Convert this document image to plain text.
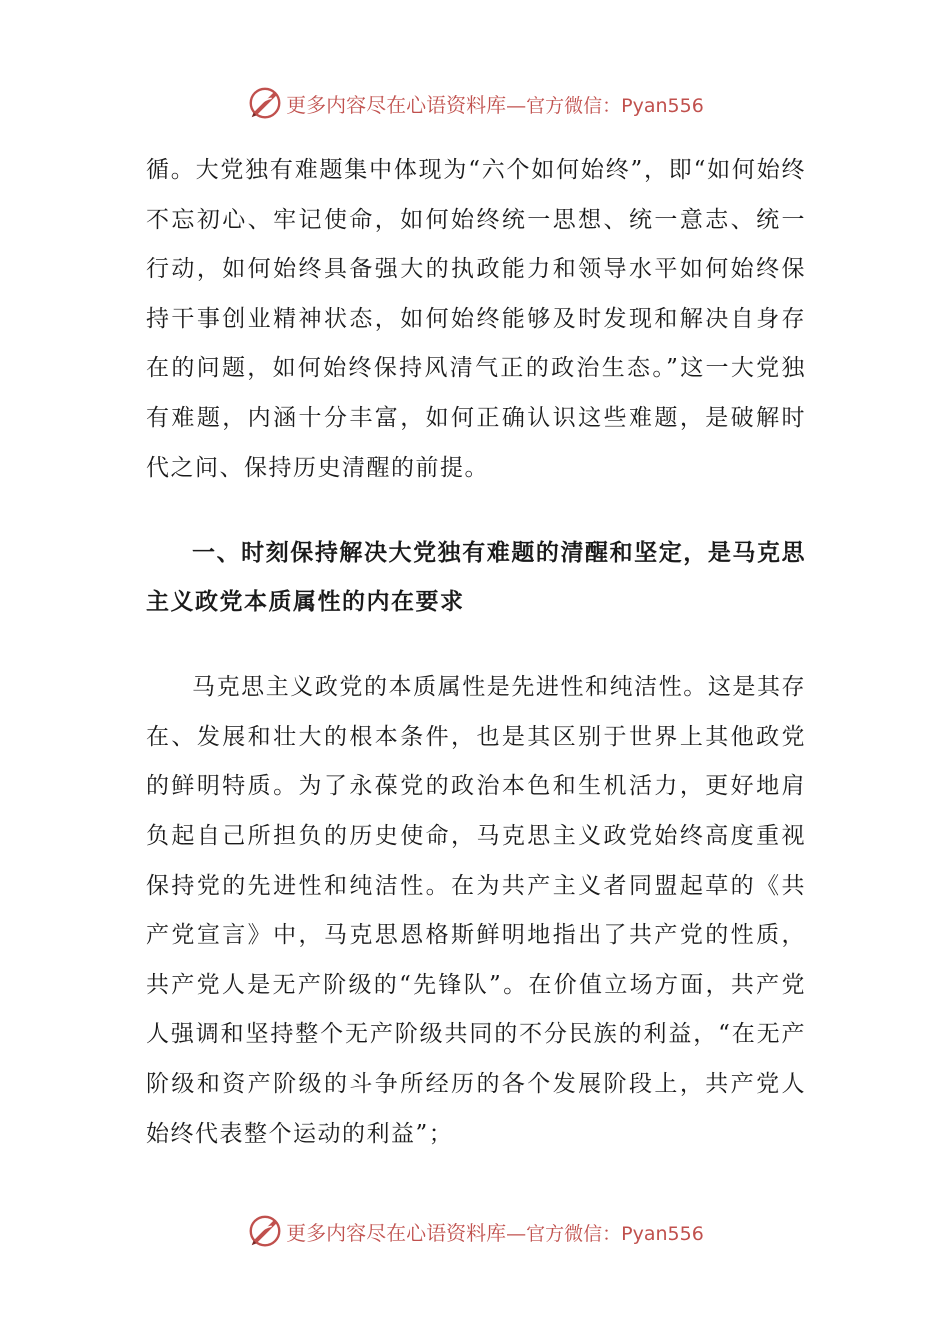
更多内容尽在心语资料库—官方微信：Pyan556

循。大党独有难题集中体现为“六个如何始终”，即“如何始终不忘初心、牢记使命，如何始终统一思想、统一意志、统一行动，如何始终具备强大的执政能力和领导水平如何始终保持干事创业精神状态，如何始终能够及时发现和解决自身存在的问题，如何始终保持风清气正的政治生态。”这一大党独有难题，内涵十分丰富，如何正确认识这些难题，是破解时代之问、保持历史清醒的前提。

一、时刻保持解决大党独有难题的清醒和坚定，是马克思主义政党本质属性的内在要求

马克思主义政党的本质属性是先进性和纯洁性。这是其存在、发展和壮大的根本条件，也是其区别于世界上其他政党的鲜明特质。为了永葆党的政治本色和生机活力，更好地肩负起自己所担负的历史使命，马克思主义政党始终高度重视保持党的先进性和纯洁性。在为共产主义者同盟起草的《共产党宣言》中，马克思恩格斯鲜明地指出了共产党的性质，共产党人是无产阶级的“先锋队”。在价值立场方面，共产党人强调和坚持整个无产阶级共同的不分民族的利益，“在无产阶级和资产阶级的斗争所经历的各个发展阶段上，共产党人始终代表整个运动的利益”；

更多内容尽在心语资料库—官方微信：Pyan556
